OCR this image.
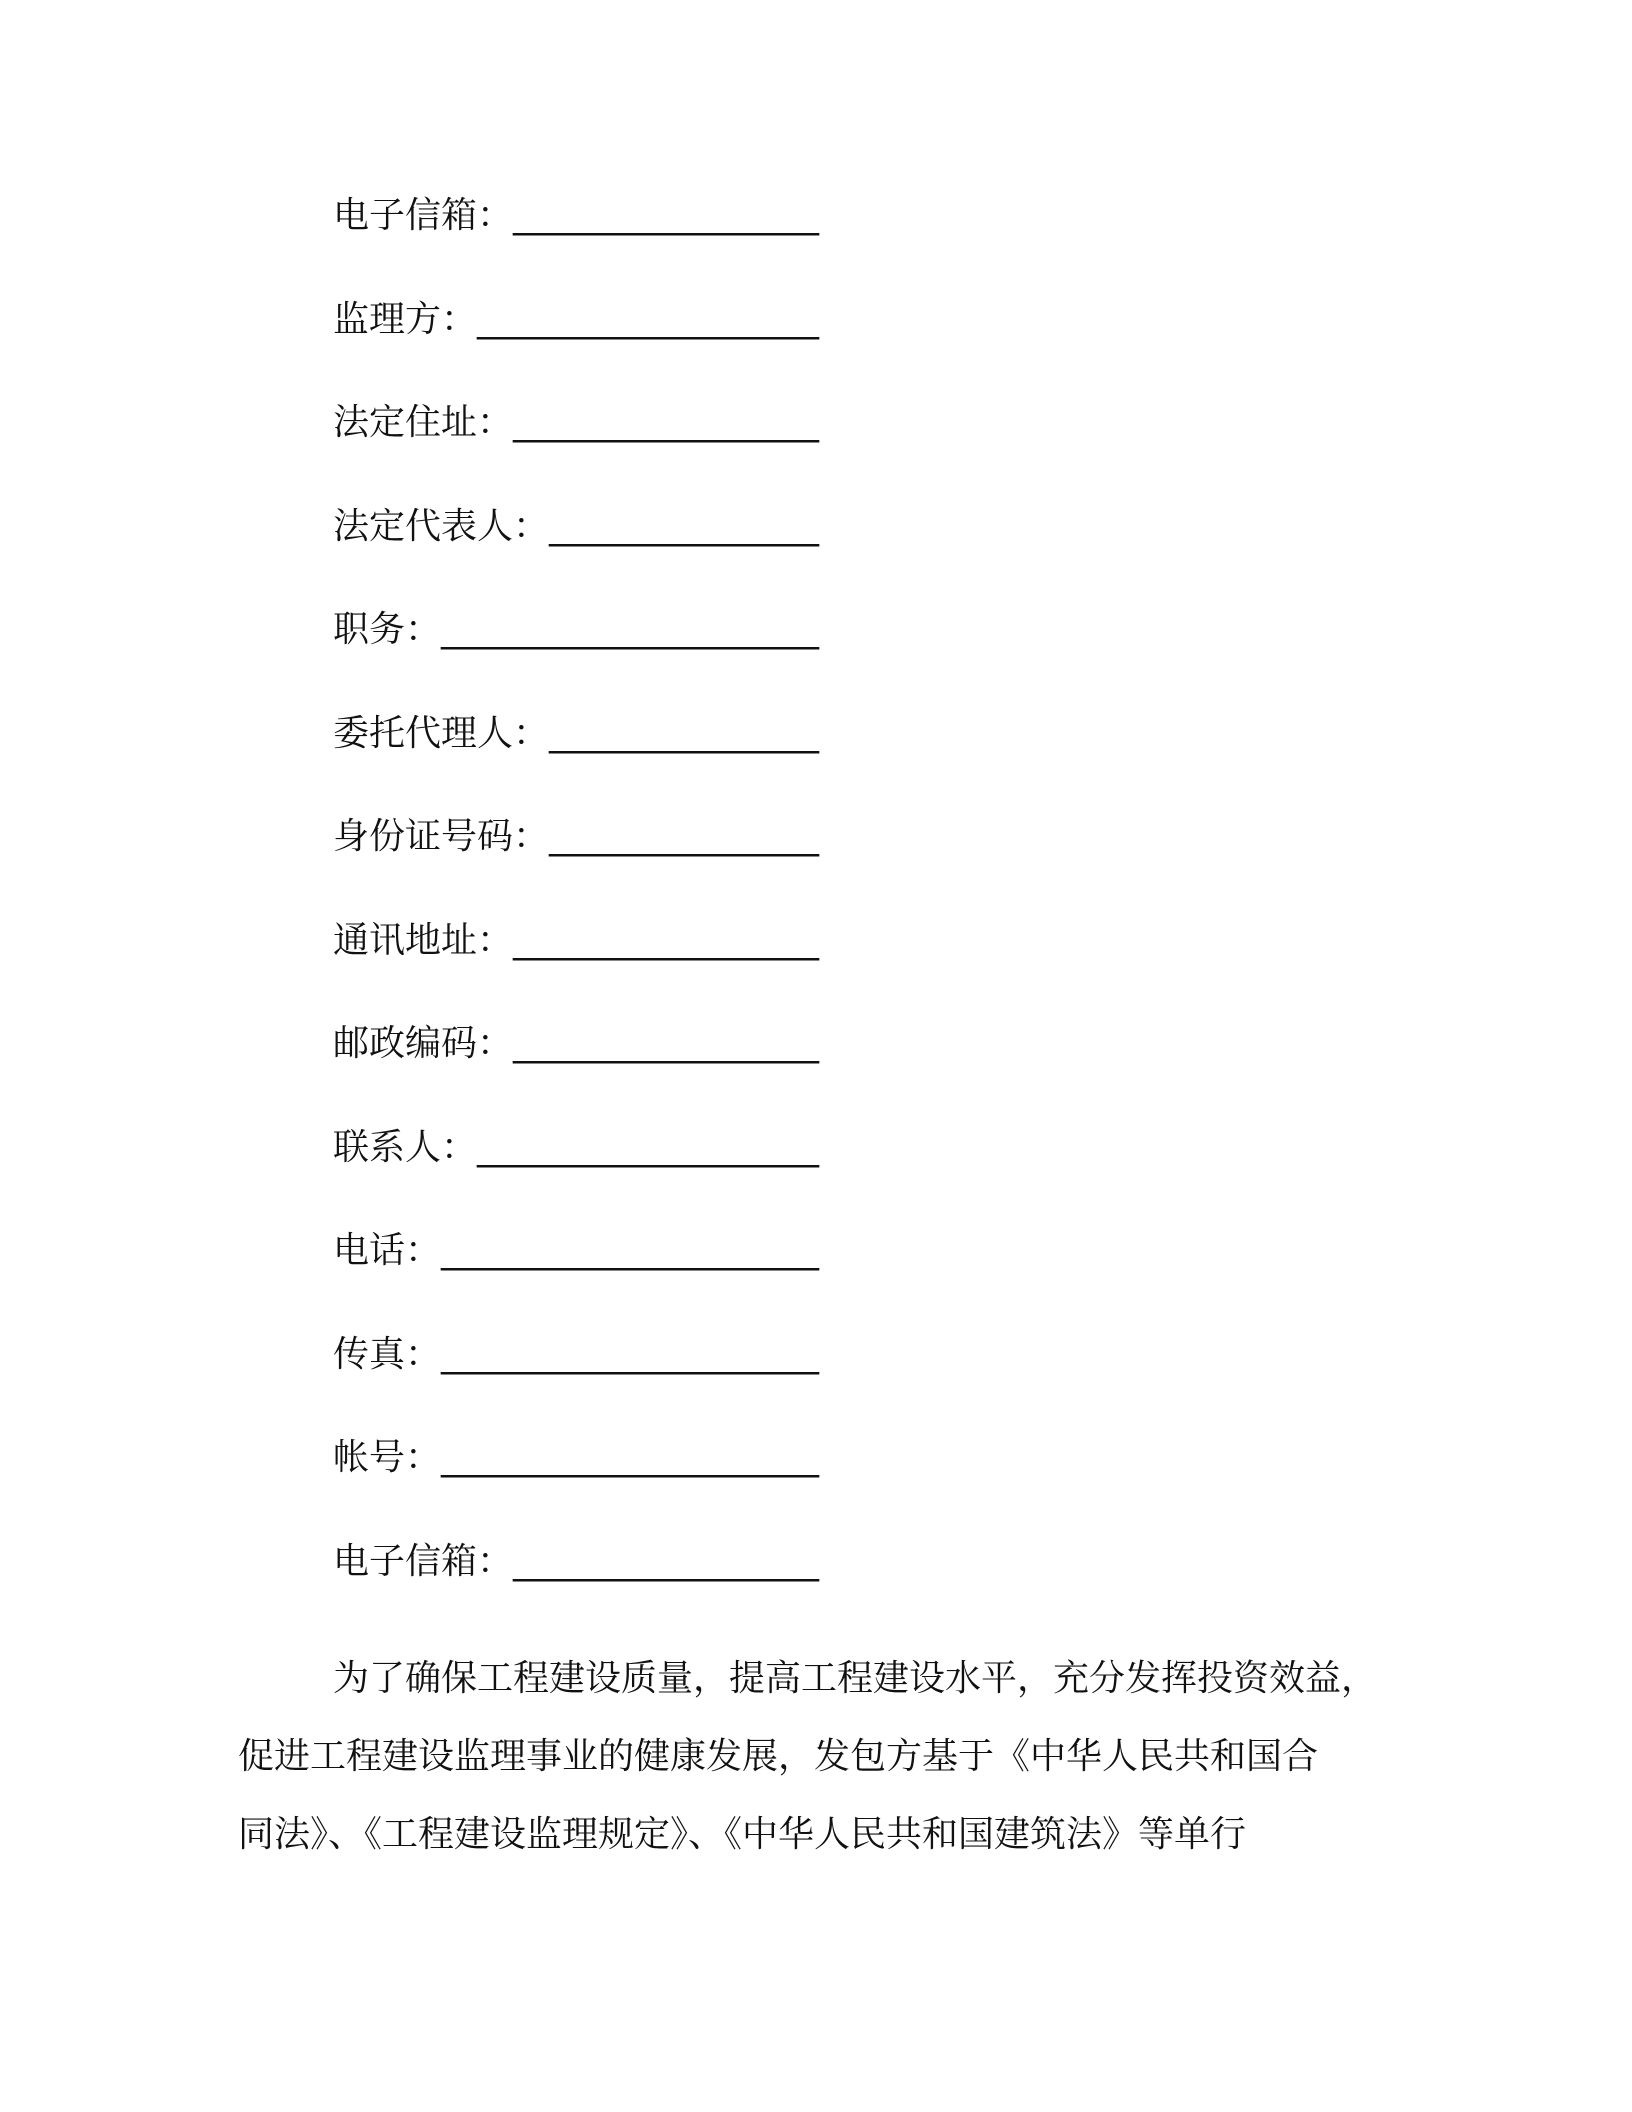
电子信箱： _________________
监理方： ___________________
法定住址： _________________
法定代表人： _______________
职务： _____________________
委托代理人： _______________
身份证号码： _______________
通讯地址： _________________
邮政编码： _________________
联系人： ___________________
电话： _____________________
传真： _____________________
帐号： _____________________
电子信箱： _________________
为了确保工程建设质量，提高工程建设水平，充分发挥投资效益，
促进工程建设监理事业的健康发展，发包方基于《中华人民共和国合
同法》、《工程建设监理规定》、《中华人民共和国建筑法》等单行
